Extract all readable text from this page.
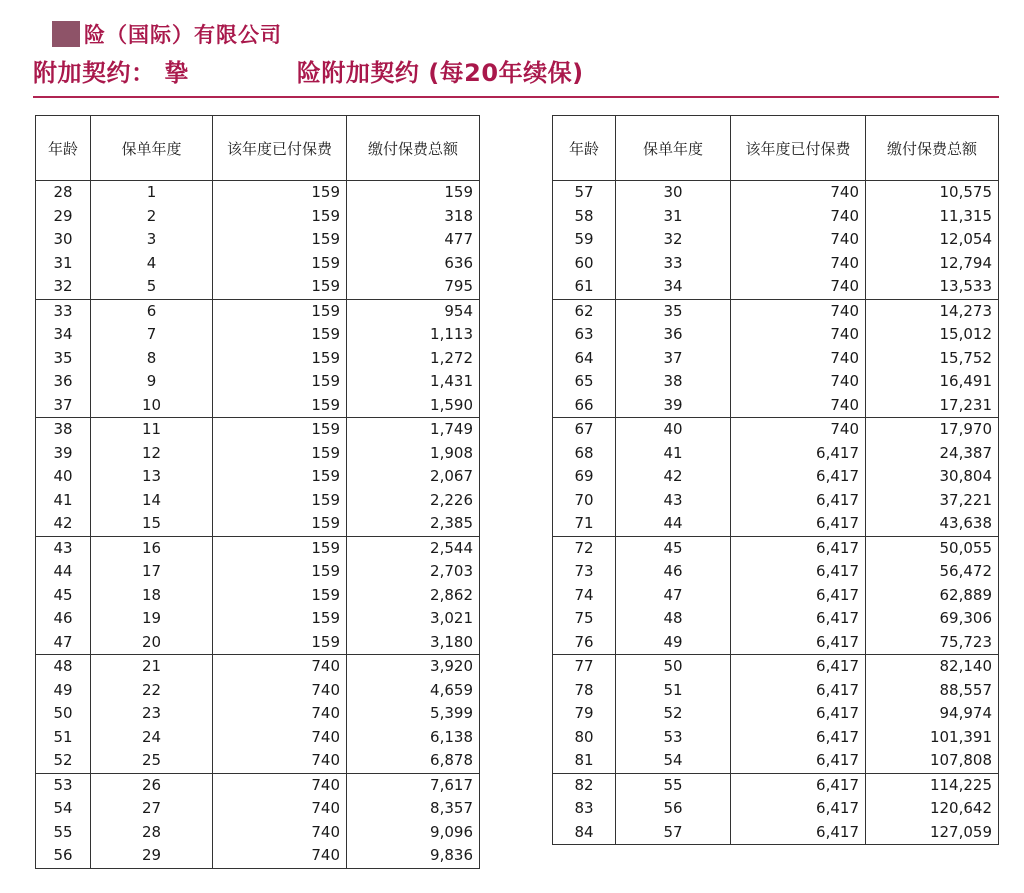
险（国际）有限公司
附加契约： 挚	险附加契约 (每20年续保)
年龄	保单年度	该年度已付保费	缴付保费总额
28	1	159	159
29	2	159	318
30	3	159	477
31	4	159	636
32	5	159	795
33	6	159	954
34	7	159	1,113
35	8	159	1,272
36	9	159	1,431
37	10	159	1,590
38	11	159	1,749
39	12	159	1,908
40	13	159	2,067
41	14	159	2,226
42	15	159	2,385
43	16	159	2,544
44	17	159	2,703
45	18	159	2,862
46	19	159	3,021
47	20	159	3,180
48	21	740	3,920
49	22	740	4,659
50	23	740	5,399
51	24	740	6,138
52	25	740	6,878
53	26	740	7,617
54	27	740	8,357
55	28	740	9,096
56	29	740	9,836
年龄	保单年度	该年度已付保费	缴付保费总额
57	30	740	10,575
58	31	740	11,315
59	32	740	12,054
60	33	740	12,794
61	34	740	13,533
62	35	740	14,273
63	36	740	15,012
64	37	740	15,752
65	38	740	16,491
66	39	740	17,231
67	40	740	17,970
68	41	6,417	24,387
69	42	6,417	30,804
70	43	6,417	37,221
71	44	6,417	43,638
72	45	6,417	50,055
73	46	6,417	56,472
74	47	6,417	62,889
75	48	6,417	69,306
76	49	6,417	75,723
77	50	6,417	82,140
78	51	6,417	88,557
79	52	6,417	94,974
80	53	6,417	101,391
81	54	6,417	107,808
82	55	6,417	114,225
83	56	6,417	120,642
84	57	6,417	127,059
